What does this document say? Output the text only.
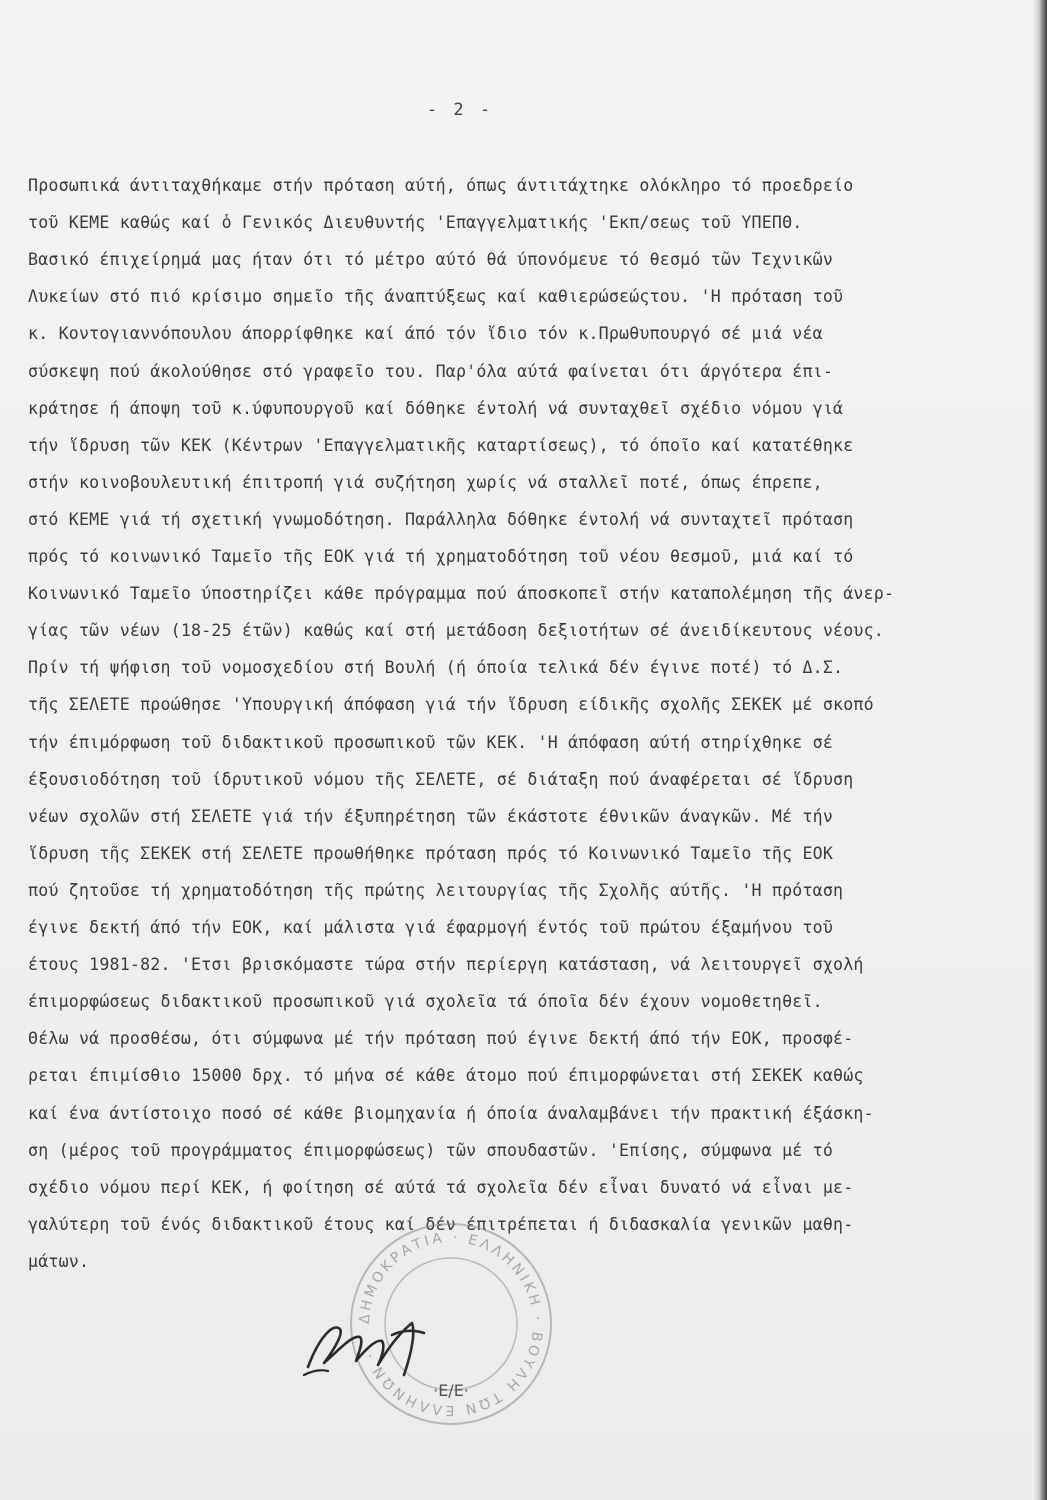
- 2 -
Προσωπικά άντιταχθήκαμε στήν πρόταση αύτή, όπως άντιτάχτηκε ολόκληρο τό προεδρείο
τοῦ ΚΕΜΕ καθώς καί ὁ Γενικός Διευθυντής 'Επαγγελματικής 'Εκπ/σεως τοῦ ΥΠΕΠΘ.
Βασικό έπιχείρημά μας ήταν ότι τό μέτρο αύτό θά ύπονόμευε τό θεσμό τῶν Τεχνικῶν
Λυκείων στό πιό κρίσιμο σημεῖο τῆς άναπτύξεως καί καθιερώσεώςτου. 'Η πρόταση τοῦ
κ. Κοντογιαννόπουλου άπορρίφθηκε καί άπό τόν ἴδιο τόν κ.Πρωθυπουργό σέ μιά νέα
σύσκεψη πού άκολούθησε στό γραφεῖο του. Παρ'όλα αύτά φαίνεται ότι άργότερα έπι-
κράτησε ή άποψη τοῦ κ.ύφυπουργοῦ καί δόθηκε έντολή νά συνταχθεῖ σχέδιο νόμου γιά
τήν ἵδρυση τῶν ΚΕΚ (Κέντρων 'Επαγγελματικῆς καταρτίσεως), τό όποῖο καί κατατέθηκε
στήν κοινοβουλευτική έπιτροπή γιά συζήτηση χωρίς νά σταλλεῖ ποτέ, όπως έπρεπε,
στό ΚΕΜΕ γιά τή σχετική γνωμοδότηση. Παράλληλα δόθηκε έντολή νά συνταχτεῖ πρόταση
πρός τό κοινωνικό Ταμεῖο τῆς ΕΟΚ γιά τή χρηματοδότηση τοῦ νέου θεσμοῦ, μιά καί τό
Κοινωνικό Ταμεῖο ύποστηρίζει κάθε πρόγραμμα πού άποσκοπεῖ στήν καταπολέμηση τῆς άνερ-
γίας τῶν νέων (18-25 έτῶν) καθώς καί στή μετάδοση δεξιοτήτων σέ άνειδίκευτους νέους.
Πρίν τή ψήφιση τοῦ νομοσχεδίου στή Βουλή (ή όποία τελικά δέν έγινε ποτέ) τό Δ.Σ.
τῆς ΣΕΛΕΤΕ προώθησε 'Υπουργική άπόφαση γιά τήν ἵδρυση είδικῆς σχολῆς ΣΕΚΕΚ μέ σκοπό
τήν έπιμόρφωση τοῦ διδακτικοῦ προσωπικοῦ τῶν ΚΕΚ. 'Η άπόφαση αύτή στηρίχθηκε σέ
έξουσιοδότηση τοῦ ίδρυτικοῦ νόμου τῆς ΣΕΛΕΤΕ, σέ διάταξη πού άναφέρεται σέ ἵδρυση
νέων σχολῶν στή ΣΕΛΕΤΕ γιά τήν έξυπηρέτηση τῶν έκάστοτε έθνικῶν άναγκῶν. Μέ τήν
ἵδρυση τῆς ΣΕΚΕΚ στή ΣΕΛΕΤΕ προωθήθηκε πρόταση πρός τό Κοινωνικό Ταμεῖο τῆς ΕΟΚ
πού ζητοῦσε τή χρηματοδότηση τῆς πρώτης λειτουργίας τῆς Σχολῆς αύτῆς. 'Η πρόταση
έγινε δεκτή άπό τήν ΕΟΚ, καί μάλιστα γιά έφαρμογή έντός τοῦ πρώτου έξαμήνου τοῦ
έτους 1981-82. 'Ετσι βρισκόμαστε τώρα στήν περίεργη κατάσταση, νά λειτουργεῖ σχολή
έπιμορφώσεως διδακτικοῦ προσωπικοῦ γιά σχολεῖα τά όποῖα δέν έχουν νομοθετηθεῖ.
Θέλω νά προσθέσω, ότι σύμφωνα μέ τήν πρόταση πού έγινε δεκτή άπό τήν ΕΟΚ, προσφέ-
ρεται έπιμίσθιο 15000 δρχ. τό μήνα σέ κάθε άτομο πού έπιμορφώνεται στή ΣΕΚΕΚ καθώς
καί ένα άντίστοιχο ποσό σέ κάθε βιομηχανία ή όποία άναλαμβάνει τήν πρακτική έξάσκη-
ση (μέρος τοῦ προγράμματος έπιμορφώσεως) τῶν σπουδαστῶν. 'Επίσης, σύμφωνα μέ τό
σχέδιο νόμου περί ΚΕΚ, ή φοίτηση σέ αύτά τά σχολεῖα δέν εἶναι δυνατό νά εἶναι με-
γαλύτερη τοῦ ένός διδακτικοῦ έτους καί δέν έπιτρέπεται ή διδασκαλία γενικῶν μαθη-
μάτων.
ΔΗΜΟΚΡΑΤΙΑ · ΕΛΛΗΝΙΚΗ · ΒΟΥΛΗ ΤΩΝ ΕΛΛΗΝΩΝ ·
·Ε/Ε·
